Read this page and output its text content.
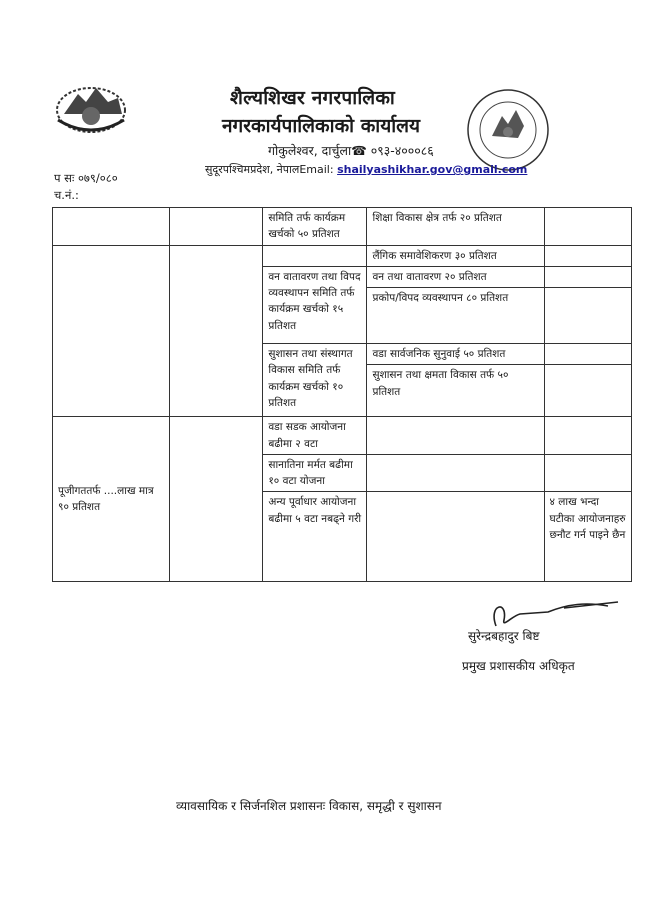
शैल्यशिखर नगरपालिका
नगरकार्यपालिकाको कार्यालय
गोकुलेश्वर, दार्चुला☎ ०९३-४०००८६
सुदूरपश्चिमप्रदेश, नेपालEmail: shailyashikhar.gov@gmail.com
प सः ०७९/०८०
च.नं.:
		समिति तर्फ कार्यक्रम खर्चको ५० प्रतिशत	शिक्षा विकास क्षेत्र तर्फ २० प्रतिशत	
			लैंगिक समावेशिकरण ३० प्रतिशत	
		वन वातावरण तथा विपद व्यवस्थापन समिति तर्फ कार्यक्रम खर्चको १५ प्रतिशत	वन तथा वातावरण २० प्रतिशत	
			प्रकोप/विपद व्यवस्थापन ८० प्रतिशत	
		सुशासन तथा संस्थागत विकास समिति तर्फ कार्यक्रम खर्चको १० प्रतिशत	वडा सार्वजनिक सुनुवाई ५० प्रतिशत	
			सुशासन तथा क्षमता विकास तर्फ ५० प्रतिशत	
पूजीगततर्फ ....लाख मात्र ९० प्रतिशत		वडा सडक आयोजना बढीमा २ वटा		
		सानातिना मर्मत बढीमा १० वटा योजना		
		अन्य पूर्वाधार आयोजना बढीमा ५ वटा नबढ्ने गरी		४ लाख भन्दा घटीका आयोजनाहरु छनौट गर्न पाइने छैन
सुरेन्द्रबहादुर बिष्ट
प्रमुख प्रशासकीय अधिकृत
व्यावसायिक र सिर्जनशिल प्रशासनः विकास, समृद्धी र सुशासन
